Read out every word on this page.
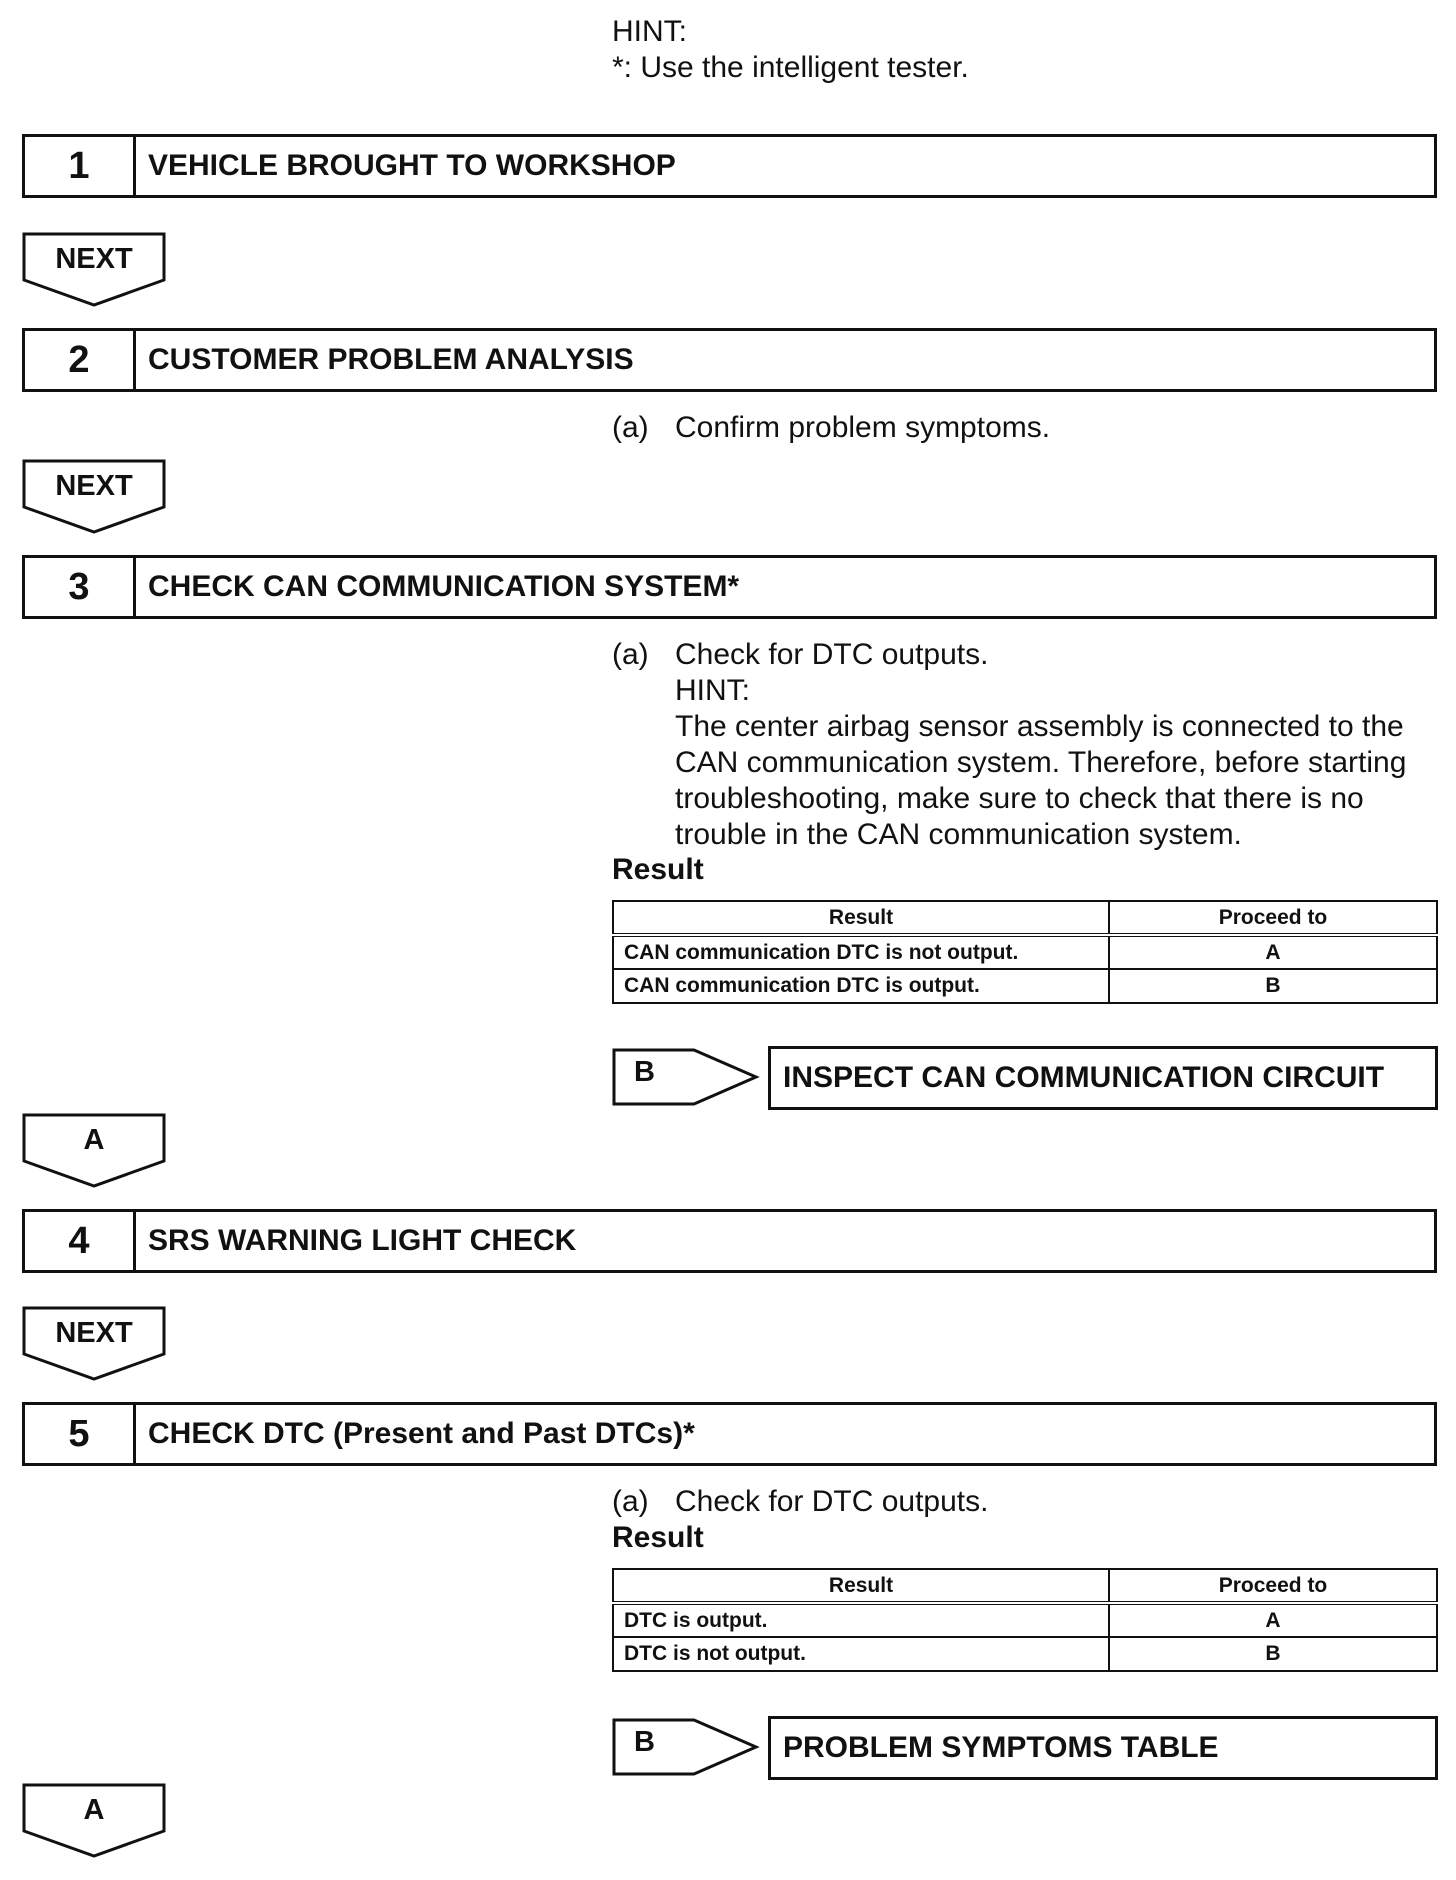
HINT:
*: Use the intelligent tester.
1	VEHICLE BROUGHT TO WORKSHOP
NEXT
2	CUSTOMER PROBLEM ANALYSIS
(a) Confirm problem symptoms.
NEXT
3	CHECK CAN COMMUNICATION SYSTEM*
(a) Check for DTC outputs.
HINT:
The center airbag sensor assembly is connected to the
CAN communication system. Therefore, before starting
troubleshooting, make sure to check that there is no
trouble in the CAN communication system.
Result
Result	Proceed to
CAN communication DTC is not output.	A
CAN communication DTC is output.	B
B	INSPECT CAN COMMUNICATION CIRCUIT
A
4	SRS WARNING LIGHT CHECK
NEXT
5	CHECK DTC (Present and Past DTCs)*
(a) Check for DTC outputs.
Result
Result	Proceed to
DTC is output.	A
DTC is not output.	B
B	PROBLEM SYMPTOMS TABLE
A
